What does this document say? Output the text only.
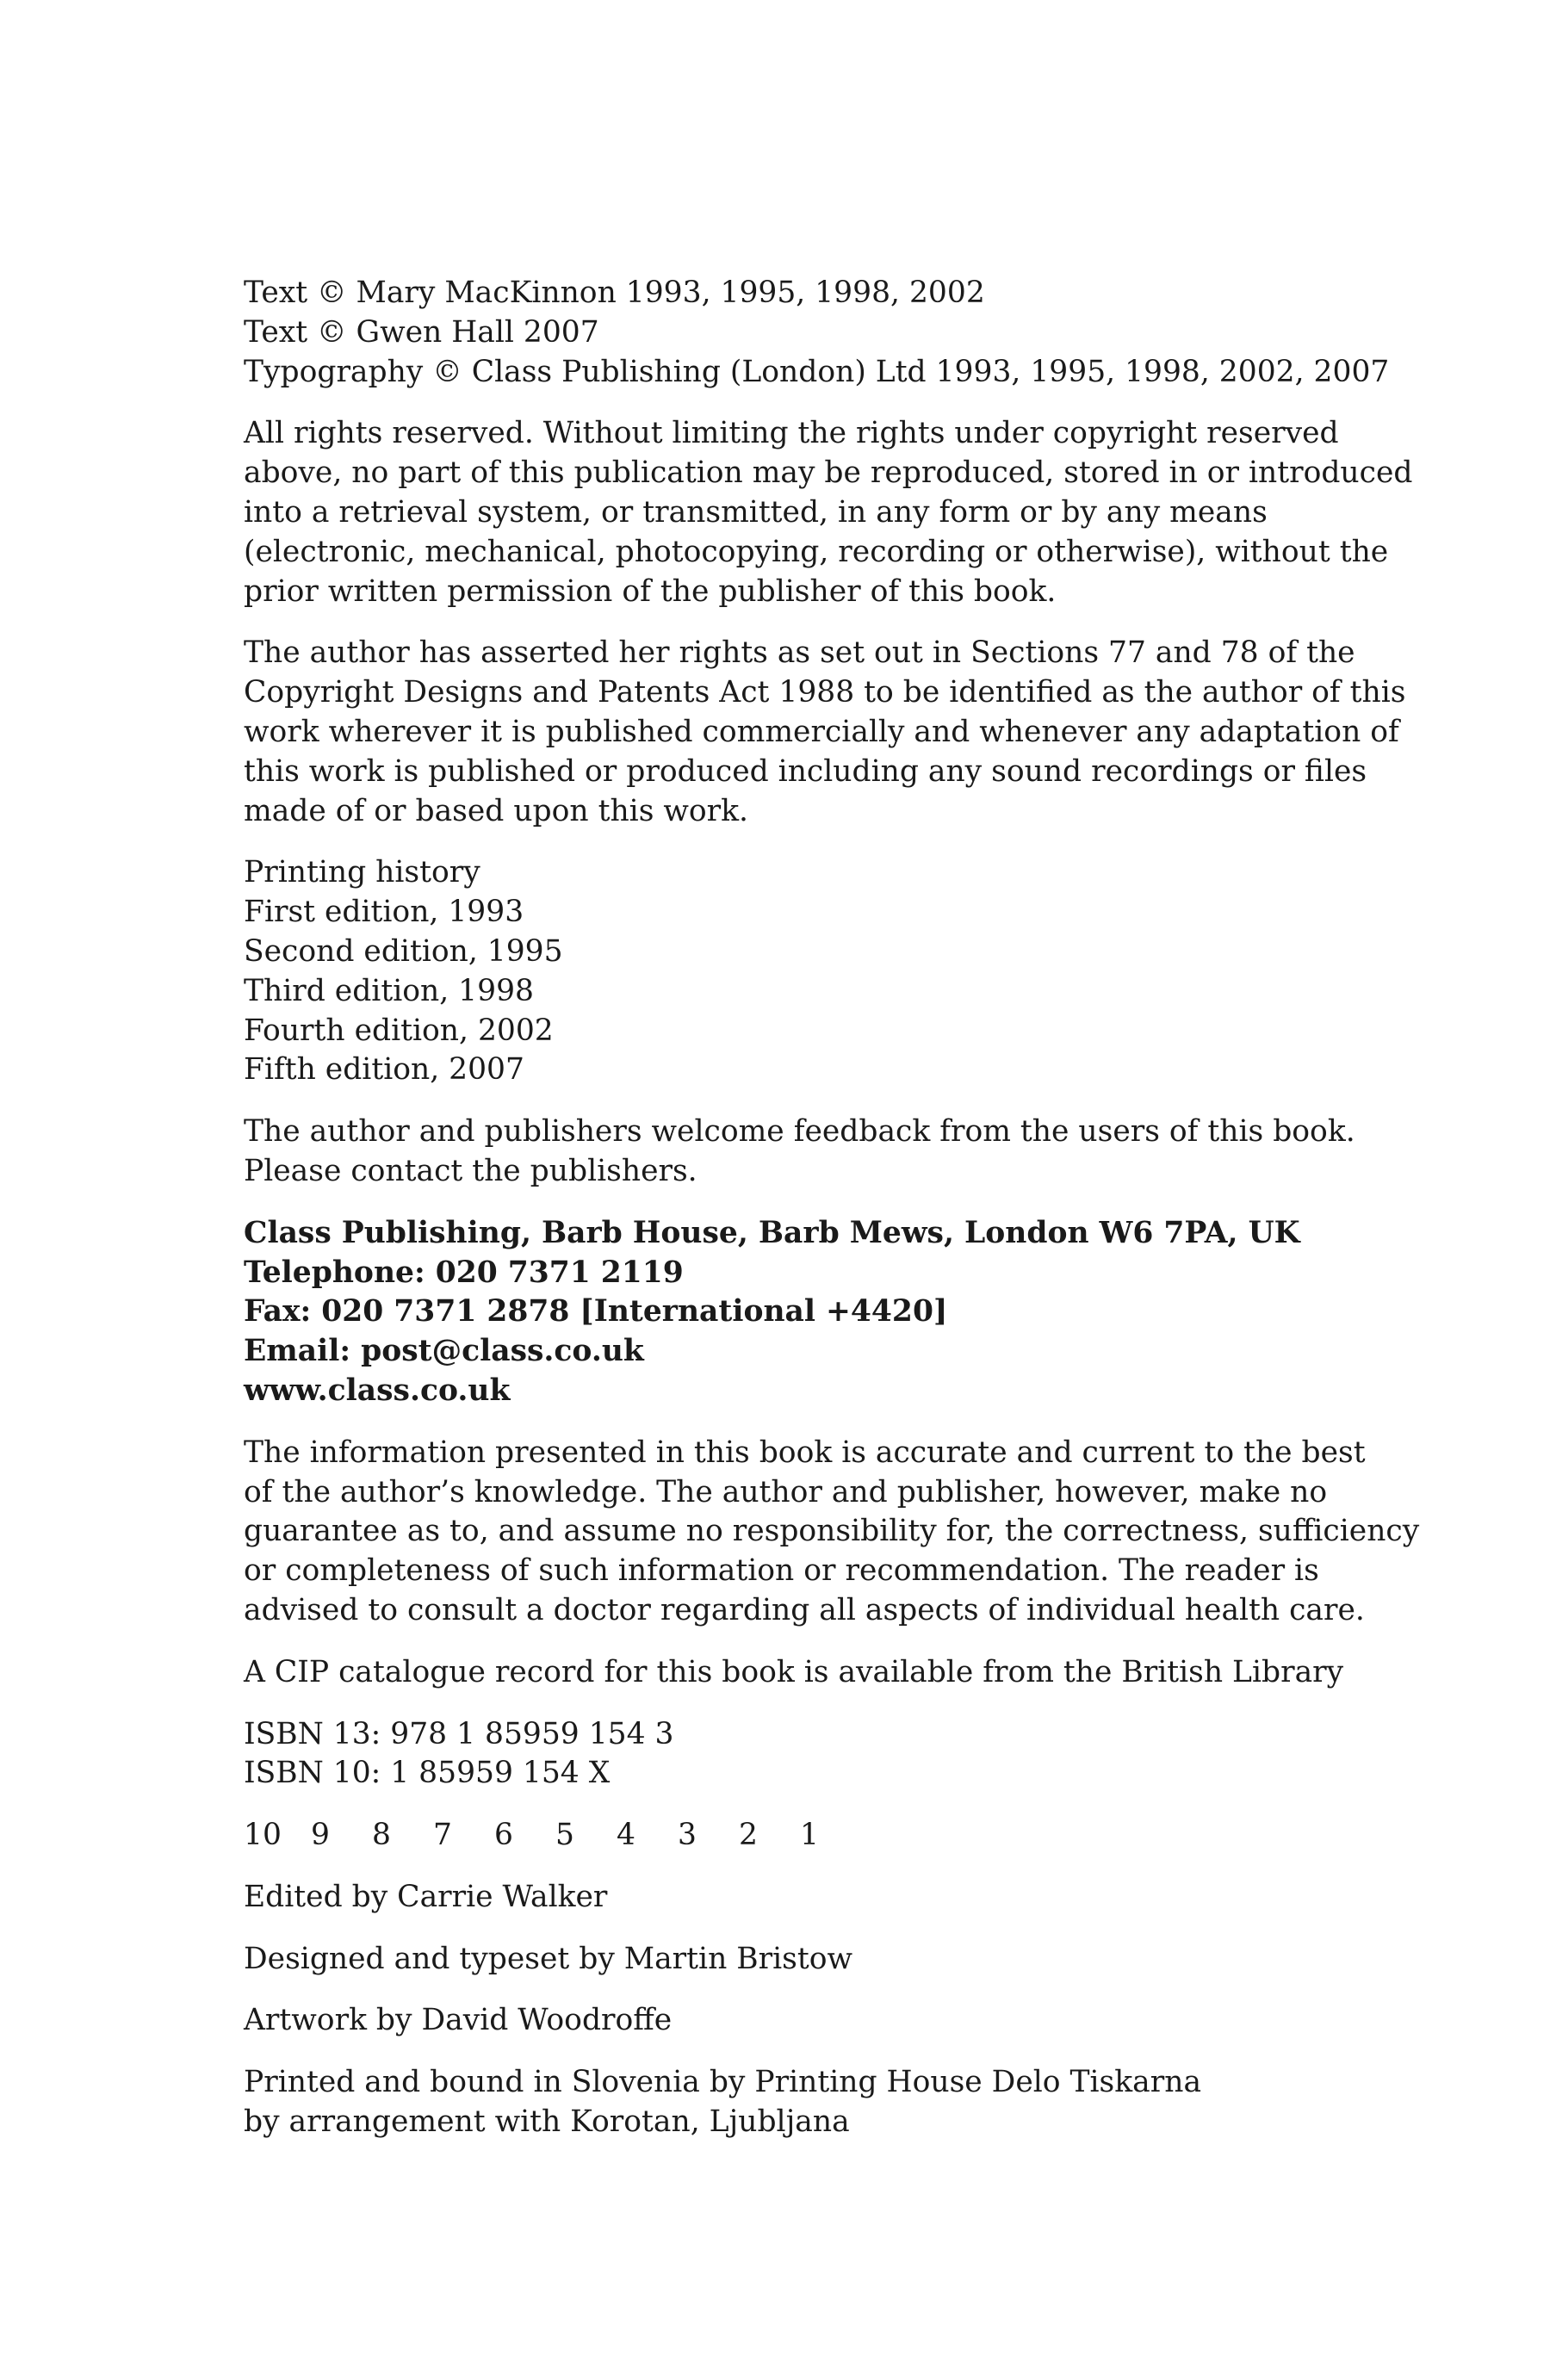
Text © Mary MacKinnon 1993, 1995, 1998, 2002
Text © Gwen Hall 2007
Typography © Class Publishing (London) Ltd 1993, 1995, 1998, 2002, 2007
All rights reserved. Without limiting the rights under copyright reserved
above, no part of this publication may be reproduced, stored in or introduced
into a retrieval system, or transmitted, in any form or by any means
(electronic, mechanical, photocopying, recording or otherwise), without the
prior written permission of the publisher of this book.
The author has asserted her rights as set out in Sections 77 and 78 of the
Copyright Designs and Patents Act 1988 to be identified as the author of this
work wherever it is published commercially and whenever any adaptation of
this work is published or produced including any sound recordings or files
made of or based upon this work.
Printing history
First edition, 1993
Second edition, 1995
Third edition, 1998
Fourth edition, 2002
Fifth edition, 2007
The author and publishers welcome feedback from the users of this book.
Please contact the publishers.
Class Publishing, Barb House, Barb Mews, London W6 7PA, UK
Telephone: 020 7371 2119
Fax: 020 7371 2878 [International +4420]
Email: post@class.co.uk
www.class.co.uk
The information presented in this book is accurate and current to the best
of the author’s knowledge. The author and publisher, however, make no
guarantee as to, and assume no responsibility for, the correctness, sufficiency
or completeness of such information or recommendation. The reader is
advised to consult a doctor regarding all aspects of individual health care.
A CIP catalogue record for this book is available from the British Library
ISBN 13: 978 1 85959 154 3
ISBN 10: 1 85959 154 X
10 9	8	7	6	5	4	3	2	1
Edited by Carrie Walker
Designed and typeset by Martin Bristow
Artwork by David Woodroffe
Printed and bound in Slovenia by Printing House Delo Tiskarna
by arrangement with Korotan, Ljubljana
